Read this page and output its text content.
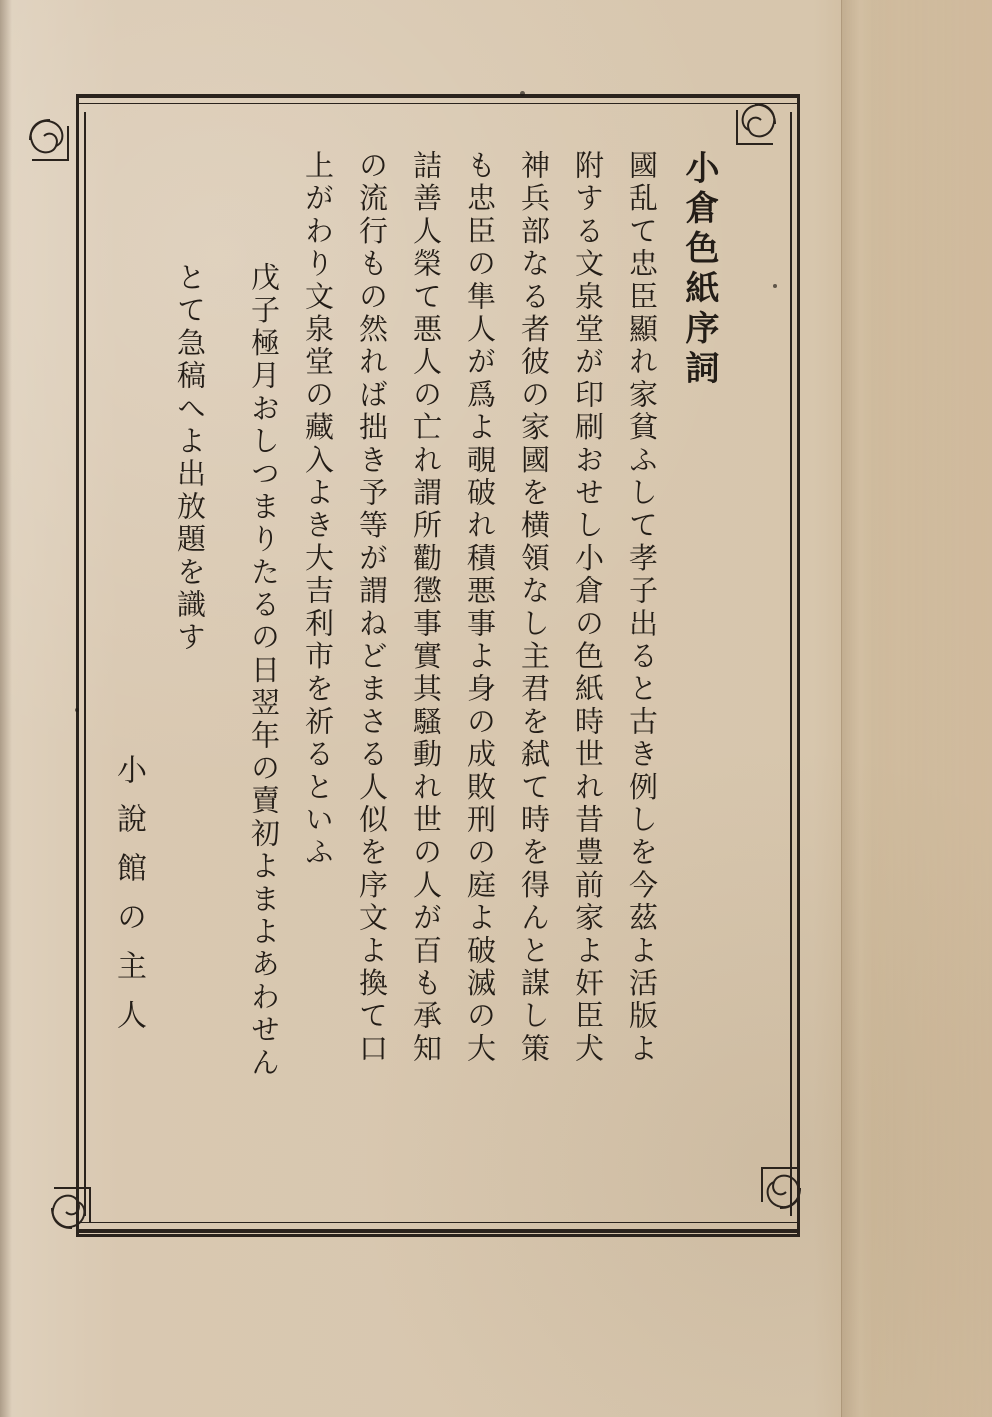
小倉色紙序詞
國乱て忠臣顯れ家貧ふして孝子出ると古き例しを今茲よ活版よ
附する文泉堂が印刷おせし小倉の色紙時世れ昔豊前家よ奸臣犬
神兵部なる者彼の家國を横領なし主君を弑て時を得んと謀し策
も忠臣の隼人が爲よ覗破れ積悪事よ身の成敗刑の庭よ破滅の大
詰善人榮て悪人の亡れ謂所勸懲事實其騷動れ世の人が百も承知
の流行もの然れば拙き予等が謂ねどまさる人似を序文よ換て口
上がわり文泉堂の藏入よき大吉利市を祈るといふ
戊子極月おしつまりたるの日翌年の賣初よまよあわせん
とて急稿へよ出放題を識す
小說館の主人
